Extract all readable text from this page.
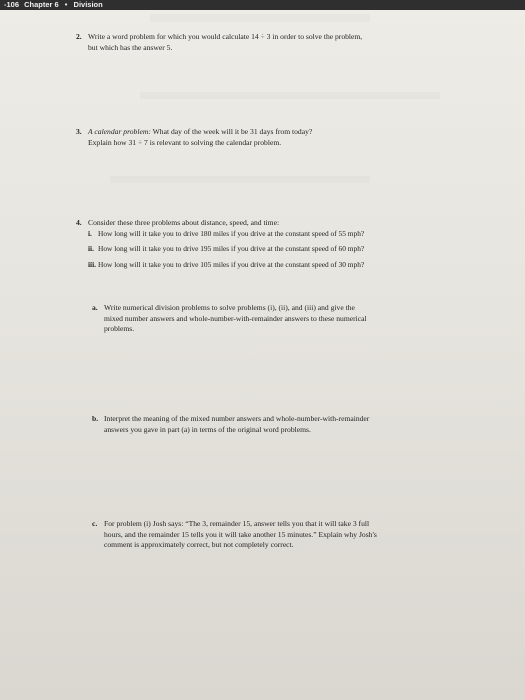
-106 Chapter 6 • Division
2. Write a word problem for which you would calculate 14 ÷ 3 in order to solve the problem,
but which has the answer 5.
3. A calendar problem: What day of the week will it be 31 days from today?
Explain how 31 ÷ 7 is relevant to solving the calendar problem.
4. Consider these three problems about distance, speed, and time:
i. How long will it take you to drive 180 miles if you drive at the constant speed of 55 mph?
ii. How long will it take you to drive 195 miles if you drive at the constant speed of 60 mph?
iii. How long will it take you to drive 105 miles if you drive at the constant speed of 30 mph?
a. Write numerical division problems to solve problems (i), (ii), and (iii) and give the
mixed number answers and whole-number-with-remainder answers to these numerical
problems.
b. Interpret the meaning of the mixed number answers and whole-number-with-remainder
answers you gave in part (a) in terms of the original word problems.
c. For problem (i) Josh says: “The 3, remainder 15, answer tells you that it will take 3 full
hours, and the remainder 15 tells you it will take another 15 minutes.” Explain why Josh's
comment is approximately correct, but not completely correct.
